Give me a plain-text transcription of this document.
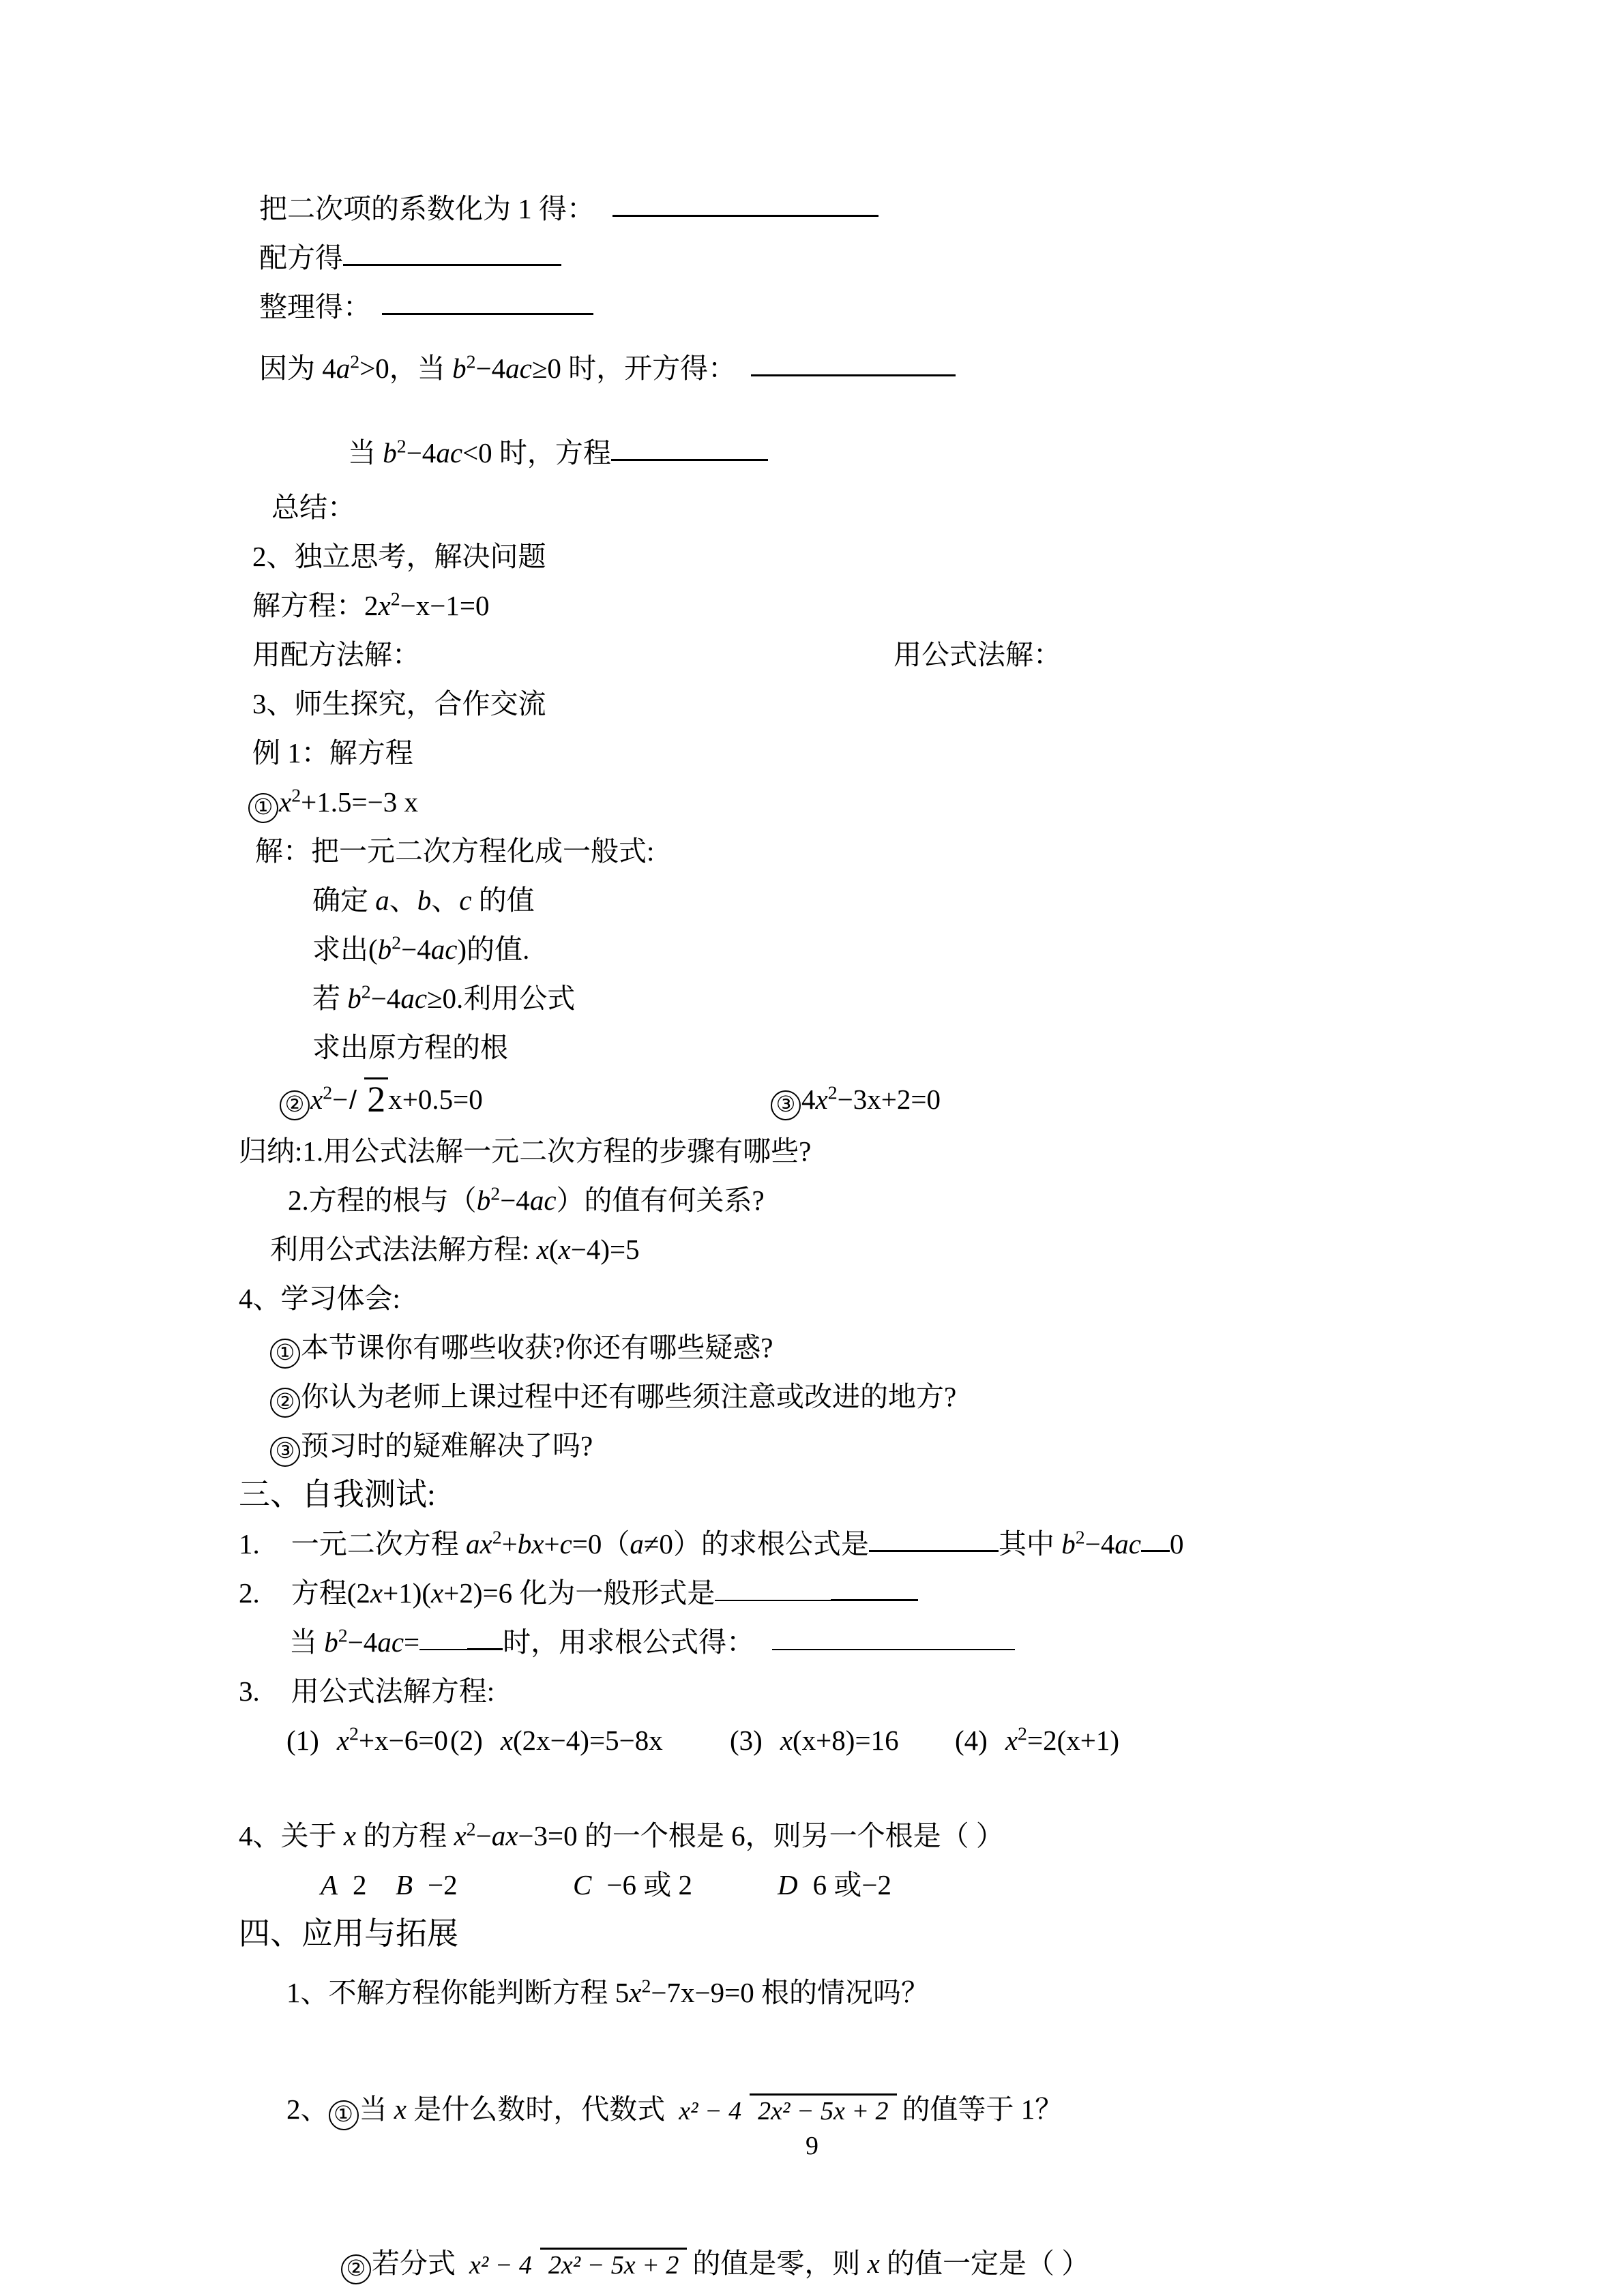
把二次项的系数化为 1 得：
配方得
整理得：
因为 $4a^2>0$，当 $b^2-4ac\ge 0$ 时，开方得：
当 $b^2-4ac<0$ 时，方程
总结：
2、独立思考，解决问题
解方程：$2x^2-x-1=0$
用配方法解：	用公式法解：
3、师生探究，合作交流
例 1：解方程
① $x^2+1.5=-3$ x
解：把一元二次方程化成一般式:
确定 a、b、c 的值
求出$(b^2-4ac)$的值.
若 $b^2-4ac\ge 0$.利用公式
求出原方程的根
② $x^2- 2x+0.5=0$	③ $4x^2-3x+2=0$
归纳:1.用公式法解一元二次方程的步骤有哪些?
2.方程的根与$(b^2-4ac)$的值有何关系?
利用公式法法解方程: x(x−4)=5
4、学习体会:
① 本节课你有哪些收获?你还有哪些疑惑?
② 你认为老师上课过程中还有哪些须注意或改进的地方?
③ 预习时的疑难解决了吗?
三、自我测试:
1. 一元二次方程 $ax^2+bx+c=0(a\ne 0)$的求根公式是	其中 $b^2-4ac$ 0
2. 方程(2x+1)(x+2)=6 化为一般形式是
当 $b^2-4ac=$	时，用求根公式得：
3. 用公式法解方程:
(1) $x^2+x-6=0$ (2) x(2x−4)=5−8x (3) x(x+8)=16 (4) $x^2=2(x+1)$
4、关于 x 的方程 $x^2-ax-3=0$ 的一个根是 6，则另一个根是（ ）
A 2 B −2	C −6 或 2	D 6 或−2
四、应用与拓展
1、不解方程你能判断方程 $5x^2-7x-9=0$ 根的情况吗？
2、 ① 当 x 是什么数时，代数式 x² − 4 2x² − 5x + 2 的值等于 1？
② 若分式 x² − 4 2x² − 5x + 2 的值是零，则 x 的值一定是（ ）
9
